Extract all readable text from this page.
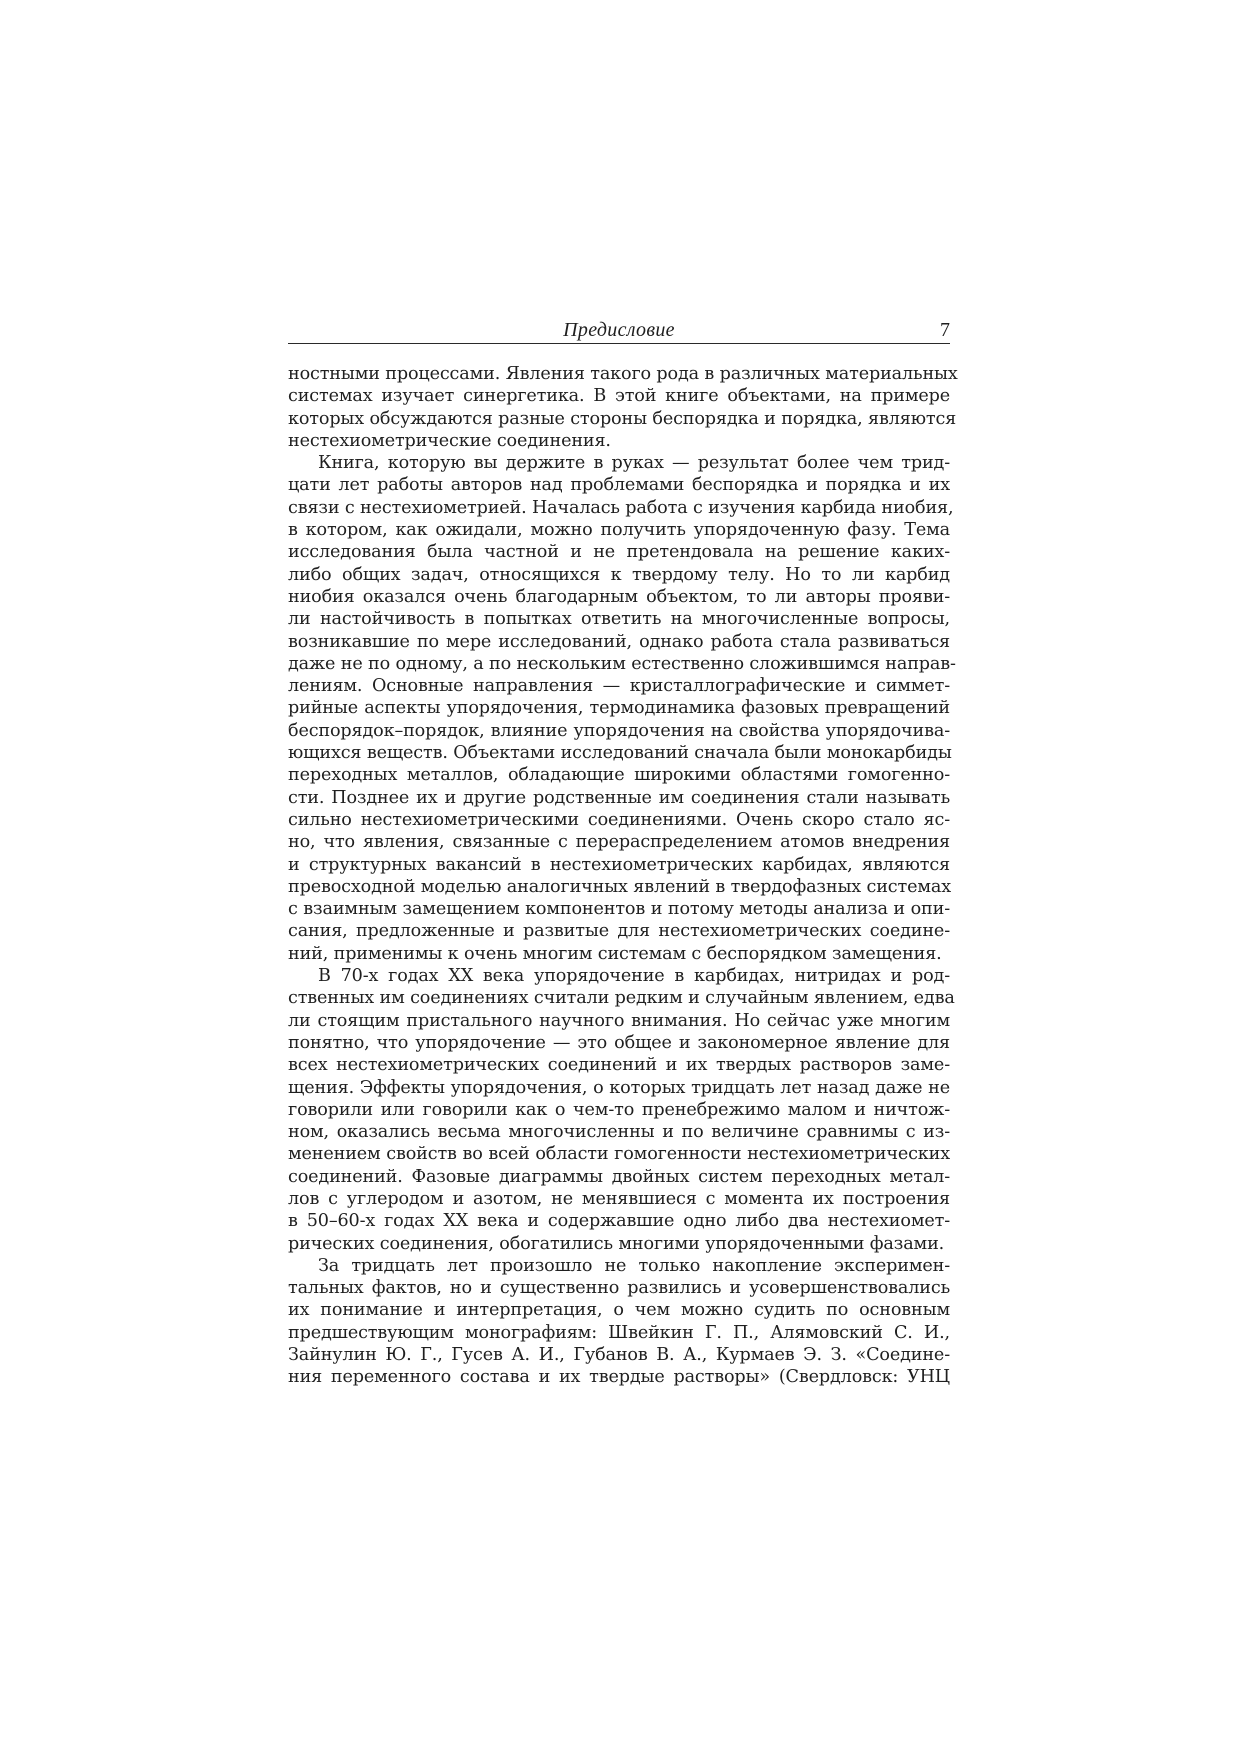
Предисловие	7
ностными процессами. Явления такого рода в различных материальных
системах изучает синергетика. В этой книге объектами, на примере
которых обсуждаются разные стороны беспорядка и порядка, являются
нестехиометрические соединения.
Книга, которую вы держите в руках — результат более чем трид-
цати лет работы авторов над проблемами беспорядка и порядка и их
связи с нестехиометрией. Началась работа с изучения карбида ниобия,
в котором, как ожидали, можно получить упорядоченную фазу. Тема
исследования была частной и не претендовала на решение каких-
либо общих задач, относящихся к твердому телу. Но то ли карбид
ниобия оказался очень благодарным объектом, то ли авторы прояви-
ли настойчивость в попытках ответить на многочисленные вопросы,
возникавшие по мере исследований, однако работа стала развиваться
даже не по одному, а по нескольким естественно сложившимся направ-
лениям. Основные направления — кристаллографические и симмет-
рийные аспекты упорядочения, термодинамика фазовых превращений
беспорядок–порядок, влияние упорядочения на свойства упорядочива-
ющихся веществ. Объектами исследований сначала были монокарбиды
переходных металлов, обладающие широкими областями гомогенно-
сти. Позднее их и другие родственные им соединения стали называть
сильно нестехиометрическими соединениями. Очень скоро стало яс-
но, что явления, связанные с перераспределением атомов внедрения
и структурных вакансий в нестехиометрических карбидах, являются
превосходной моделью аналогичных явлений в твердофазных системах
с взаимным замещением компонентов и потому методы анализа и опи-
сания, предложенные и развитые для нестехиометрических соедине-
ний, применимы к очень многим системам с беспорядком замещения.
В 70-х годах XX века упорядочение в карбидах, нитридах и род-
ственных им соединениях считали редким и случайным явлением, едва
ли стоящим пристального научного внимания. Но сейчас уже многим
понятно, что упорядочение — это общее и закономерное явление для
всех нестехиометрических соединений и их твердых растворов заме-
щения. Эффекты упорядочения, о которых тридцать лет назад даже не
говорили или говорили как о чем-то пренебрежимо малом и ничтож-
ном, оказались весьма многочисленны и по величине сравнимы с из-
менением свойств во всей области гомогенности нестехиометрических
соединений. Фазовые диаграммы двойных систем переходных метал-
лов с углеродом и азотом, не менявшиеся с момента их построения
в 50–60-х годах XX века и содержавшие одно либо два нестехиомет-
рических соединения, обогатились многими упорядоченными фазами.
За тридцать лет произошло не только накопление эксперимен-
тальных фактов, но и существенно развились и усовершенствовались
их понимание и интерпретация, о чем можно судить по основным
предшествующим монографиям: Швейкин Г. П., Алямовский С. И.,
Зайнулин Ю. Г., Гусев А. И., Губанов В. А., Курмаев Э. З. «Соедине-
ния переменного состава и их твердые растворы» (Свердловск: УНЦ
